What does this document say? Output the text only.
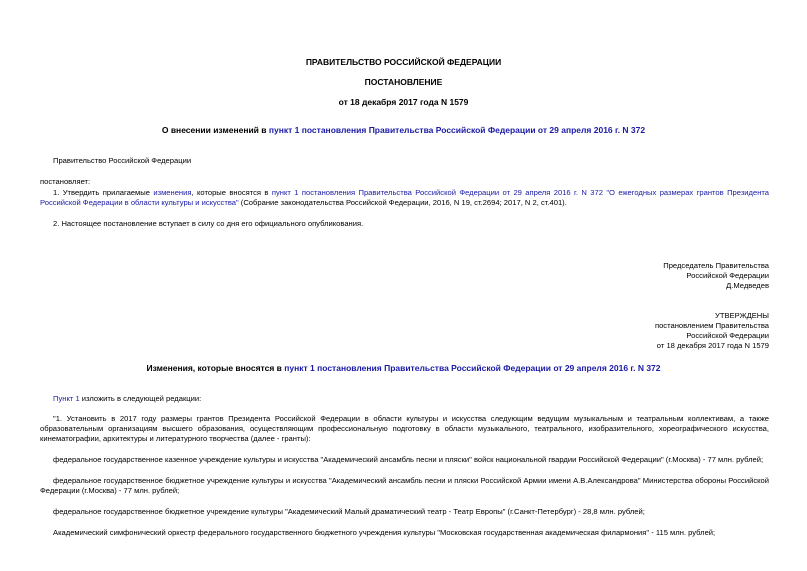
ПРАВИТЕЛЬСТВО РОССИЙСКОЙ ФЕДЕРАЦИИ
ПОСТАНОВЛЕНИЕ
от 18 декабря 2017 года N 1579
О внесении изменений в пункт 1 постановления Правительства Российской Федерации от 29 апреля 2016 г. N 372
Правительство Российской Федерации
постановляет:
1. Утвердить прилагаемые изменения, которые вносятся в пункт 1 постановления Правительства Российской Федерации от 29 апреля 2016 г. N 372 "О ежегодных размерах грантов Президента Российской Федерации в области культуры и искусства" (Собрание законодательства Российской Федерации, 2016, N 19, ст.2694; 2017, N 2, ст.401).
2. Настоящее постановление вступает в силу со дня его официального опубликования.
Председатель Правительства
Российской Федерации
Д.Медведев
УТВЕРЖДЕНЫ
постановлением Правительства
Российской Федерации
от 18 декабря 2017 года N 1579
Изменения, которые вносятся в пункт 1 постановления Правительства Российской Федерации от 29 апреля 2016 г. N 372
Пункт 1 изложить в следующей редакции:
"1. Установить в 2017 году размеры грантов Президента Российской Федерации в области культуры и искусства следующим ведущим музыкальным и театральным коллективам, а также образовательным организациям высшего образования, осуществляющим профессиональную подготовку в области музыкального, театрального, изобразительного, хореографического искусства, кинематографии, архитектуры и литературного творчества (далее - гранты):
федеральное государственное казенное учреждение культуры и искусства "Академический ансамбль песни и пляски" войск национальной гвардии Российской Федерации" (г.Москва) - 77 млн. рублей;
федеральное государственное бюджетное учреждение культуры и искусства "Академический ансамбль песни и пляски Российской Армии имени А.В.Александрова" Министерства обороны Российской Федерации (г.Москва) - 77 млн. рублей;
федеральное государственное бюджетное учреждение культуры "Академический Малый драматический театр - Театр Европы" (г.Санкт-Петербург) - 28,8 млн. рублей;
Академический симфонический оркестр федерального государственного бюджетного учреждения культуры "Московская государственная академическая филармония" - 115 млн. рублей;
